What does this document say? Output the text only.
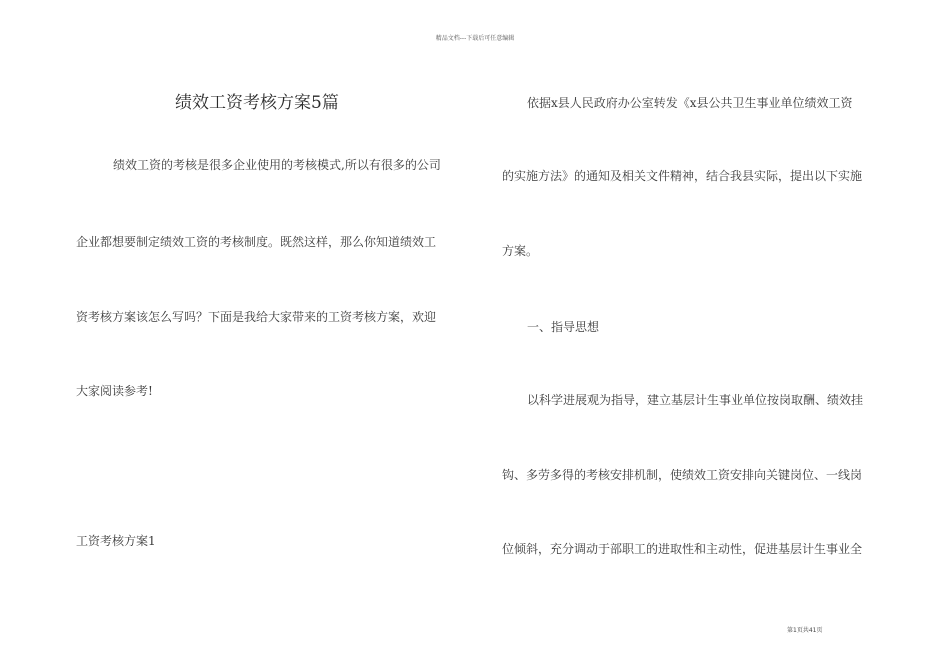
精品文档---下载后可任意编辑
绩效工资考核方案5篇
绩效工资的考核是很多企业使用的考核模式,所以有很多的公司
企业都想要制定绩效工资的考核制度。既然这样，那么你知道绩效工
资考核方案该怎么写吗？下面是我给大家带来的工资考核方案，欢迎
大家阅读参考!
工资考核方案1
依据x县人民政府办公室转发《x县公共卫生事业单位绩效工资
的实施方法》的通知及相关文件精神，结合我县实际，提出以下实施
方案。
一、指导思想
以科学进展观为指导，建立基层计生事业单位按岗取酬、绩效挂
钩、多劳多得的考核安排机制，使绩效工资安排向关键岗位、一线岗
位倾斜，充分调动于部职工的进取性和主动性，促进基层计生事业全
第1页共41页
